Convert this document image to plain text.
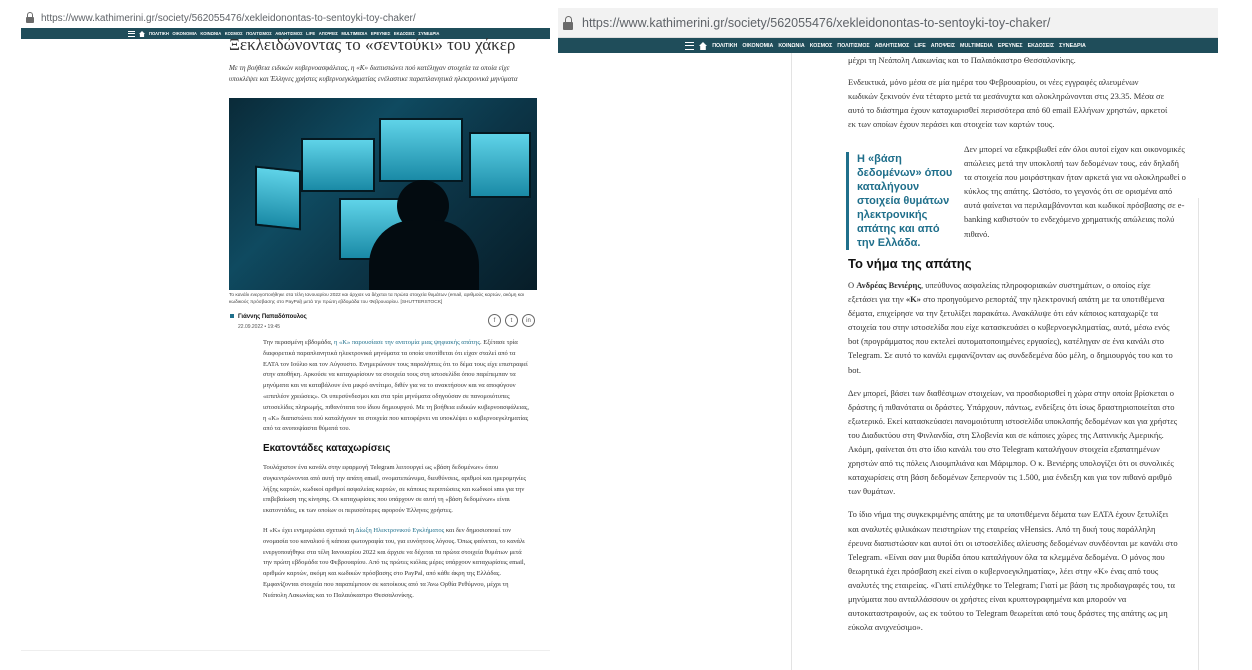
https://www.kathimerini.gr/society/562055476/xekleidonontas-to-sentoyki-toy-chaker/
ΠΟΛΙΤΙΚΗ ΟΙΚΟΝΟΜΙΑ ΚΟΙΝΩΝΙΑ ΚΟΣΜΟΣ ΠΟΛΙΤΙΣΜΟΣ ΑΘΛΗΤΙΣΜΟΣ LIFE ΑΠΟΨΕΙΣ MULTIMEDIA ΕΡΕΥΝΕΣ ΕΚΔΟΣΕΙΣ ΣΥΝΕΔΡΙΑ
Ξεκλειδώνοντας το «σεντούκι» του χάκερ
Με τη βοήθεια ειδικών κυβερνοασφάλειας, η «Κ» διαπιστώνει πού κατέληγαν στοιχεία τα οποία είχε υποκλέψει και Έλληνες χρήστες κυβερνοεγκληματίας ενέλαστικε παραπλανητικά ηλεκτρονικά μηνύματα
Το κανάλι ενεργοποιήθηκε στα τέλη Ιανουαρίου 2022 και άρχισε να δέχεται τα πρώτα στοιχεία θυμάτων (email, αριθμούς καρτών, ακόμη και κωδικούς πρόσβασης στο PayPal) μετά την πρώτη εβδομάδα του Φεβρουαρίου. [SHUTTERSTOCK]
Γιάννης Παπαδόπουλος
22.09.2022 • 19:45
f	t	in

Την περασμένη εβδομάδα, η «Κ» παρουσίασε την ανατομία μιας ψηφιακής απάτης. Εξέτασε τρία διαφορετικά παραπλανητικά ηλεκτρονικά μηνύματα τα οποία υποτίθεται ότι είχαν σταλεί από τα ΕΛΤΑ τον Ιούλιο και τον Αύγουστο. Ενημερώνουν τους παραλήπτες ότι το δέμα τους είχε επιστραφεί στην αποθήκη. Αρκούσε να καταχωρίσουν τα στοιχεία τους στη ιστοσελίδα όπου παρέπεμπαν τα μηνύματα και να καταβάλουν ένα μικρό αντίτιμο, διθέν για να το ανακτήσουν και να αποφύγουν «επιπλέον χρεώσεις». Οι υπερσύνδεσμοι και στα τρία μηνύματα οδηγούσαν σε πανομοιότυπες ιστοσελίδες πληρωμής, πιθανότατα του ίδιου δημιουργού. Με τη βοήθεια ειδικών κυβερνοασφάλειας, η «Κ» διαπιστώνει πού καταλήγουν τα στοιχεία που κατοφέρνει να υποκλέψει ο κυβερνοεγκληματίας από τα ανυποψίαστα θύματά του.

Εκατοντάδες καταχωρίσεις

Τουλάχιστον ένα κανάλι στην εφαρμογή Telegram λειτουργεί ως «βάση δεδομένων» όπου συγκεντρώνονται από αυτή την απάτη email, ονοματεπώνυμα, διευθύνσεις, αριθμοί και ημερομηνίες λήξης καρτών, κωδικοί αριθμοί ασφαλείας καρτών, σε κάποιες περιπτώσεις και κωδικοί sms για την επιβεβαίωση της κίνησης. Οι καταχωρίσεις που υπάρχουν σε αυτή τη «βάση δεδομένων» είναι εκατοντάδες, εκ των οποίων οι περισσότερες αφορούν Έλληνες χρήστες.

Η «Κ» έχει ενημερώσει σχετικά τη Δίωξη Ηλεκτρονικού Εγκλήματος και δεν δημοσιοποιεί τον ονομασία του καναλιού ή κάποια φωτογραφία του, για ευνόητους λόγους. Όπως φαίνεται, το κανάλι ενεργοποιήθηκε στα τέλη Ιανουαρίου 2022 και άρχισε να δέχεται τα πρώτα στοιχεία θυμάτων μετά την πρώτη εβδομάδα του Φεβρουαρίου. Από τις πρώτες κιόλας μέρες υπάρχουν καταχωρίσεις email, αριθμών καρτών, ακόμη και κωδικών πρόσβασης στο PayPal, από κάθε άκρη της Ελλάδας. Εμφανίζονται στοιχεία που παραπέμπουν σε κατοίκους από τα Άνω Ορθία Ρεθύμνου, μέχρι τη Νεάπολη Λακωνίας και το Παλαιόκαστρο Θεσσαλονίκης.

https://www.kathimerini.gr/society/562055476/xekleidonontas-to-sentoyki-toy-chaker/
ΠΟΛΙΤΙΚΗ ΟΙΚΟΝΟΜΙΑ ΚΟΙΝΩΝΙΑ ΚΟΣΜΟΣ ΠΟΛΙΤΙΣΜΟΣ ΑΘΛΗΤΙΣΜΟΣ LIFE ΑΠΟΨΕΙΣ MULTIMEDIA ΕΡΕΥΝΕΣ ΕΚΔΟΣΕΙΣ ΣΥΝΕΔΡΙΑ

μέχρι τη Νεάπολη Λακωνίας και το Παλαιόκαστρο Θεσσαλονίκης.

Ενδεικτικά, μόνο μέσα σε μία ημέρα του Φεβρουαρίου, οι νέες εγγραφές αλιευμένων κωδικών ξεκινούν ένα τέταρτο μετά τα μεσάνυχτα και ολοκληρώνονται στις 23.35. Μέσα σε αυτό το διάστημα έχουν καταχωρισθεί περισσότερα από 60 email Ελλήνων χρηστών, αρκετοί εκ των οποίων έχουν περάσει και στοιχεία των καρτών τους.

Η «βάση δεδομένων» όπου καταλήγουν στοιχεία θυμάτων ηλεκτρονικής απάτης και από την Ελλάδα.
Δεν μπορεί να εξακριβωθεί εάν όλοι αυτοί είχαν και οικονομικές απώλειες μετά την υποκλοπή των δεδομένων τους, εάν δηλαδή τα στοιχεία που μοιράστηκαν ήταν αρκετά για να ολοκληρωθεί ο κύκλος της απάτης. Ωστόσο, το γεγονός ότι σε ορισμένα από αυτά φαίνεται να περιλαμβάνονται και κωδικοί πρόσβασης σε e-banking καθιστούν το ενδεχόμενο χρηματικής απώλειας πολύ πιθανό.
Το νήμα της απάτης

Ο Ανδρέας Βενιέρης, υπεύθυνος ασφαλείας πληροφοριακών συστημάτων, ο οποίος είχε εξετάσει για την «Κ» στο προηγούμενο ρεπορτάζ την ηλεκτρονική απάτη με τα υποτιθέμενα δέματα, επιχείρησε να την ξετυλίξει παρακάτω. Ανακάλυψε ότι εάν κάποιος καταχωρίζε τα στοιχεία του στην ιστοσελίδα που είχε κατασκευάσει ο κυβερνοεγκληματίας, αυτά, μέσω ενός bot (προγράμματος που εκτελεί αυτοματοποιημένες εργασίες), κατέληγαν σε ένα κανάλι στο Telegram. Σε αυτό το κανάλι εμφανίζονταν ως συνδεδεμένα δύο μέλη, ο δημιουργός του και το bot.

Δεν μπορεί, βάσει των διαθέσιμων στοιχείων, να προσδιορισθεί η χώρα στην οποία βρίσκεται ο δράστης ή πιθανότατα οι δράστες. Υπάρχουν, πάντως, ενδείξεις ότι ίσως δραστηριοποιείται στο εξωτερικό. Εκεί κατασκεύασει πανομοιότυπη ιστοσελίδα υποκλοπής δεδομένων και για χρήστες του Διαδικτύου στη Φινλανδία, στη Σλοβενία και σε κάποιες χώρες της Λατινικής Αμερικής. Ακόμη, φαίνεται ότι στο ίδιο κανάλι του στο Telegram καταλήγουν στοιχεία εξαπατημένων χρηστών από τις πόλεις Λιουμπλιάνα και Μάριμπορ. Ο κ. Βενιέρης υπολογίζει ότι οι συνολικές καταχωρίσεις στη βάση δεδομένων ξεπερνούν τις 1.500, μια ένδειξη και για τον πιθανό αριθμό των θυμάτων.

Το ίδιο νήμα της συγκεκριμένης απάτης με τα υποτιθέμενα δέματα των ΕΛΤΑ έχουν ξετυλίξει και αναλυτές φιλικάκων πειστηρίων της εταιρείας vHensics. Από τη δική τους παράλληλη έρευνα διαπιστώσαν και αυτοί ότι οι ιστοσελίδες αλίευσης δεδομένων συνδέονται με κανάλι στο Telegram. «Είναι σαν μια θυρίδα όπου καταλήγουν όλα τα κλεμμένα δεδομένα. Ο μόνος που θεωρητικά έχει πρόσβαση εκεί είναι ο κυβερνοεγκληματίας», λέει στην «Κ» ένας από τους αναλυτές της εταιρείας. «Γιατί επιλέχθηκε το Telegram; Γιατί με βάση τις προδιαγραφές του, τα μηνύματα που ανταλλάσσουν οι χρήστες είναι κρυπτογραφημένα και μπορούν να αυτοκαταστραφούν, ως εκ τούτου το Telegram θεωρείται από τους δράστες της απάτης ως μη εύκολα ανιχνεύσιμο».
